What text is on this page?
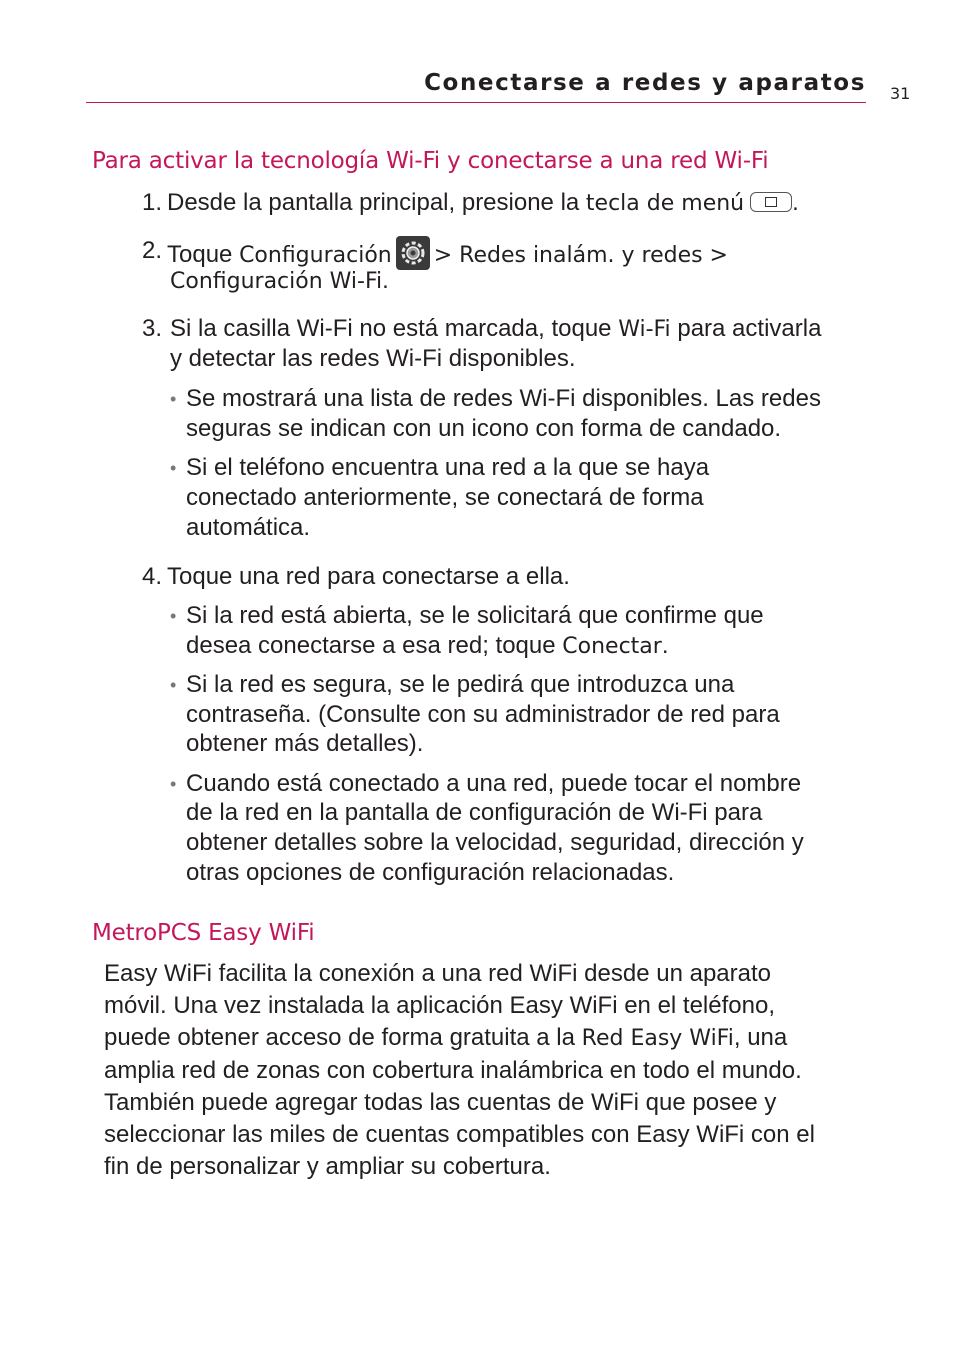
Conectarse a redes y aparatos 31
Para activar la tecnología Wi-Fi y conectarse a una red Wi-Fi
1. Desde la pantalla principal, presione la tecla de menú .
2. Toque Configuración > Redes inalám. y redes >
Configuración Wi-Fi.
3. Si la casilla Wi-Fi no está marcada, toque Wi-Fi para activarla
y detectar las redes Wi-Fi disponibles.
• Se mostrará una lista de redes Wi-Fi disponibles. Las redes
seguras se indican con un icono con forma de candado.
• Si el teléfono encuentra una red a la que se haya
conectado anteriormente, se conectará de forma
automática.
4. Toque una red para conectarse a ella.
• Si la red está abierta, se le solicitará que confirme que
desea conectarse a esa red; toque Conectar.
• Si la red es segura, se le pedirá que introduzca una
contraseña. (Consulte con su administrador de red para
obtener más detalles).
• Cuando está conectado a una red, puede tocar el nombre
de la red en la pantalla de configuración de Wi-Fi para
obtener detalles sobre la velocidad, seguridad, dirección y
otras opciones de configuración relacionadas.
MetroPCS Easy WiFi
Easy WiFi facilita la conexión a una red WiFi desde un aparato
móvil. Una vez instalada la aplicación Easy WiFi en el teléfono,
puede obtener acceso de forma gratuita a la Red Easy WiFi, una
amplia red de zonas con cobertura inalámbrica en todo el mundo.
También puede agregar todas las cuentas de WiFi que posee y
seleccionar las miles de cuentas compatibles con Easy WiFi con el
fin de personalizar y ampliar su cobertura.
